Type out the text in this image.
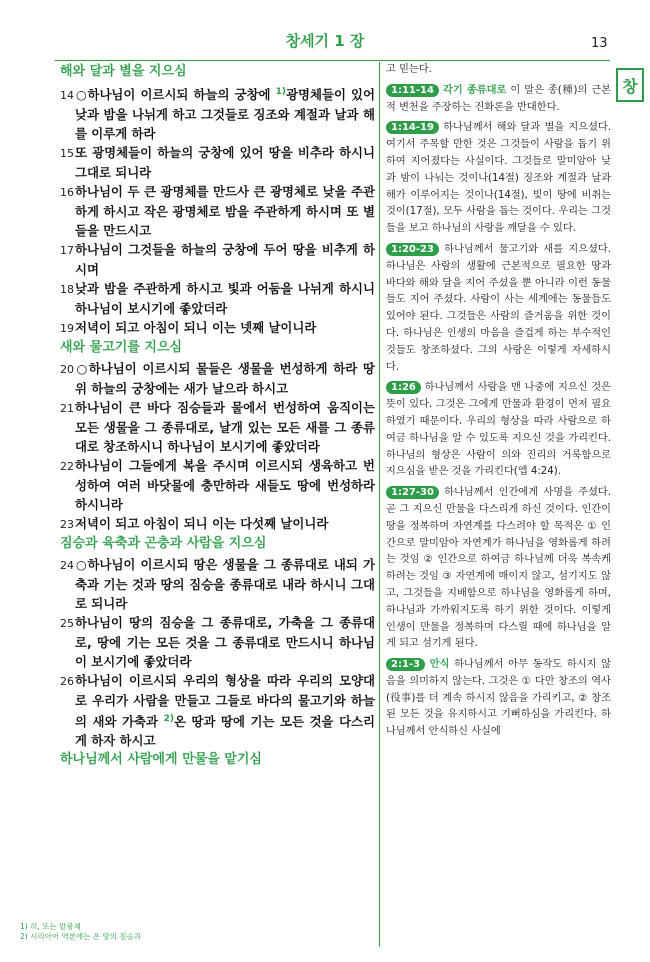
창세기 1 장	13
창
해와 달과 별을 지으심

14○하나님이 이르시되 하늘의 궁창에 $^{1)}$광명체들이 있어 낮과 밤을 나뉘게 하고 그것들로 징조와 계절과 날과 해를 이루게 하라

15또 광명체들이 하늘의 궁창에 있어 땅을 비추라 하시니 그대로 되니라

16하나님이 두 큰 광명체를 만드사 큰 광명체로 낮을 주관하게 하시고 작은 광명체로 밤을 주관하게 하시며 또 별들을 만드시고

17하나님이 그것들을 하늘의 궁창에 두어 땅을 비추게 하시며

18낮과 밤을 주관하게 하시고 빛과 어둠을 나뉘게 하시니 하나님이 보시기에 좋았더라

19저녁이 되고 아침이 되니 이는 넷째 날이니라

새와 물고기를 지으심

20○하나님이 이르시되 물들은 생물을 번성하게 하라 땅 위 하늘의 궁창에는 새가 날으라 하시고

21하나님이 큰 바다 짐승들과 물에서 번성하여 움직이는 모든 생물을 그 종류대로, 날개 있는 모든 새를 그 종류대로 창조하시니 하나님이 보시기에 좋았더라

22하나님이 그들에게 복을 주시며 이르시되 생육하고 번성하여 여러 바닷물에 충만하라 새들도 땅에 번성하라 하시니라

23저녁이 되고 아침이 되니 이는 다섯째 날이니라

짐승과 육축과 곤충과 사람을 지으심

24○하나님이 이르시되 땅은 생물을 그 종류대로 내되 가축과 기는 것과 땅의 짐승을 종류대로 내라 하시니 그대로 되니라

25하나님이 땅의 짐승을 그 종류대로, 가축을 그 종류대로, 땅에 기는 모든 것을 그 종류대로 만드시니 하나님이 보시기에 좋았더라

26하나님이 이르시되 우리의 형상을 따라 우리의 모양대로 우리가 사람을 만들고 그들로 바다의 물고기와 하늘의 새와 가축과 $^{2)}$온 땅과 땅에 기는 모든 것을 다스리게 하자 하시고

하나님께서 사람에게 만물을 맡기심

고 믿는다.

1:11-14 각기 종류대로 이 말은 종(種)의 근본적 변천을 주장하는 진화론을 반대한다.

1:14-19 하나님께서 해와 달과 별을 지으셨다. 여기서 주목할 만한 것은 그것들이 사람을 돕기 위하여 지어졌다는 사실이다. 그것들로 말미암아 낮과 밤이 나눠는 것이나(14절) 징조와 계절과 날과 해가 이루어지는 것이나(14절), 빛이 땅에 비취는 것이(17절), 모두 사람을 돕는 것이다. 우리는 그것들을 보고 하나님의 사랑을 깨달을 수 있다.

1:20-23 하나님께서 물고기와 새를 지으셨다. 하나님은 사람의 생활에 근본적으로 필요한 땅과 바다와 해와 달을 지어 주셨을 뿐 아니라 이런 동물들도 지어 주셨다. 사람이 사는 세계에는 동물들도 있어야 된다. 그것들은 사람의 즐거움을 위한 것이다. 하나님은 인생의 마음을 즐겁게 하는 부수적인 것들도 창조하셨다. 그의 사랑은 이렇게 자세하시다.

1:26 하나님께서 사람을 맨 나중에 지으신 것은 뜻이 있다. 그것은 그에게 만물과 환경이 먼저 필요하였기 때문이다. 우리의 형상을 따라 사람으로 하여금 하나님을 알 수 있도록 지으신 것을 가리킨다. 하나님의 형상은 사람이 의와 진리의 거룩함으로 지으심을 받은 것을 가리킨다(엡 4:24).

1:27-30 하나님께서 인간에게 사명을 주셨다. 곧 그 지으신 만물을 다스리게 하신 것이다. 인간이 땅을 정복하며 자연계를 다스려야 할 목적은 ① 인간으로 말미암아 자연계가 하나님을 영화롭게 하려는 것임 ② 인간으로 하여금 하나님께 더욱 복속케 하려는 것임 ③ 자연계에 매이지 않고, 섬기지도 않고, 그것들을 지배함으로 하나님을 영화롭게 하며, 하나님과 가까워지도록 하기 위한 것이다. 이렇게 인생이 만물을 정복하며 다스릴 때에 하나님을 알게 되고 섬기게 된다.

2:1-3 안식 하나님께서 아무 동작도 하시지 않음을 의미하지 않는다. 그것은 ① 다만 창조의 역사(役事)를 더 계속 하시지 않음을 가리키고, ② 창조된 모든 것을 유지하시고 기뻐하심을 가리킨다. 하나님께서 안식하신 사실에

1) 히, 또는 발광체
2) 시리아어 역본에는 온 땅의 짐승과
